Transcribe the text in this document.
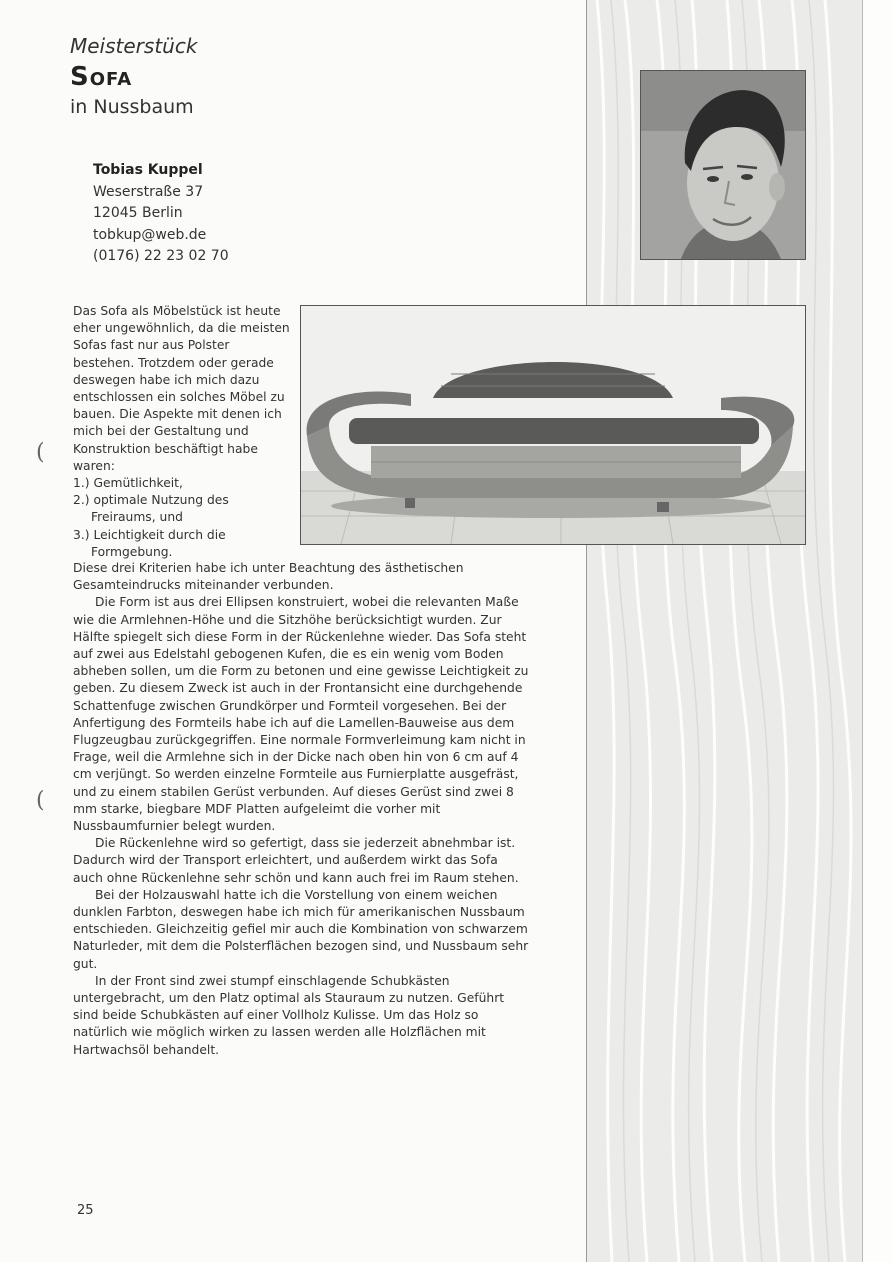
Meisterstück
Sofa
in Nussbaum
Tobias Kuppel
Weserstraße 37
12045 Berlin
tobkup@web.de
(0176) 22 23 02 70

Das Sofa als Möbelstück ist heute eher ungewöhnlich, da die meisten Sofas fast nur aus Polster bestehen. Trotzdem oder gerade deswegen habe ich mich dazu entschlossen ein solches Möbel zu bauen. Die Aspekte mit denen ich mich bei der Gestaltung und Konstruktion beschäftigt habe waren:

1.) Gemütlichkeit,
2.) optimale Nutzung des Freiraums, und
3.) Leichtigkeit durch die Formgebung.

Diese drei Kriterien habe ich unter Beachtung des ästhetischen Gesamteindrucks miteinander verbunden.

Die Form ist aus drei Ellipsen konstruiert, wobei die relevanten Maße wie die Armlehnen-Höhe und die Sitzhöhe berücksichtigt wurden. Zur Hälfte spiegelt sich diese Form in der Rückenlehne wieder. Das Sofa steht auf zwei aus Edelstahl gebogenen Kufen, die es ein wenig vom Boden abheben sollen, um die Form zu betonen und eine gewisse Leichtigkeit zu geben. Zu diesem Zweck ist auch in der Frontansicht eine durchgehende Schattenfuge zwischen Grundkörper und Formteil vorgesehen. Bei der Anfertigung des Formteils habe ich auf die Lamellen-Bauweise aus dem Flugzeugbau zurückgegriffen. Eine normale Formverleimung kam nicht in Frage, weil die Armlehne sich in der Dicke nach oben hin von 6 cm auf 4 cm verjüngt. So werden einzelne Formteile aus Furnierplatte ausgefräst, und zu einem stabilen Gerüst verbunden. Auf dieses Gerüst sind zwei 8 mm starke, biegbare MDF Platten aufgeleimt die vorher mit Nussbaumfurnier belegt wurden.

Die Rückenlehne wird so gefertigt, dass sie jederzeit abnehmbar ist. Dadurch wird der Transport erleichtert, und außerdem wirkt das Sofa auch ohne Rückenlehne sehr schön und kann auch frei im Raum stehen.

Bei der Holzauswahl hatte ich die Vorstellung von einem weichen dunklen Farbton, deswegen habe ich mich für amerikanischen Nussbaum entschieden. Gleichzeitig gefiel mir auch die Kombination von schwarzem Naturleder, mit dem die Polsterflächen bezogen sind, und Nussbaum sehr gut.

In der Front sind zwei stumpf einschlagende Schubkästen untergebracht, um den Platz optimal als Stauraum zu nutzen. Geführt sind beide Schubkästen auf einer Vollholz Kulisse. Um das Holz so natürlich wie möglich wirken zu lassen werden alle Holzflächen mit Hartwachsöl behandelt.

(
(
25
